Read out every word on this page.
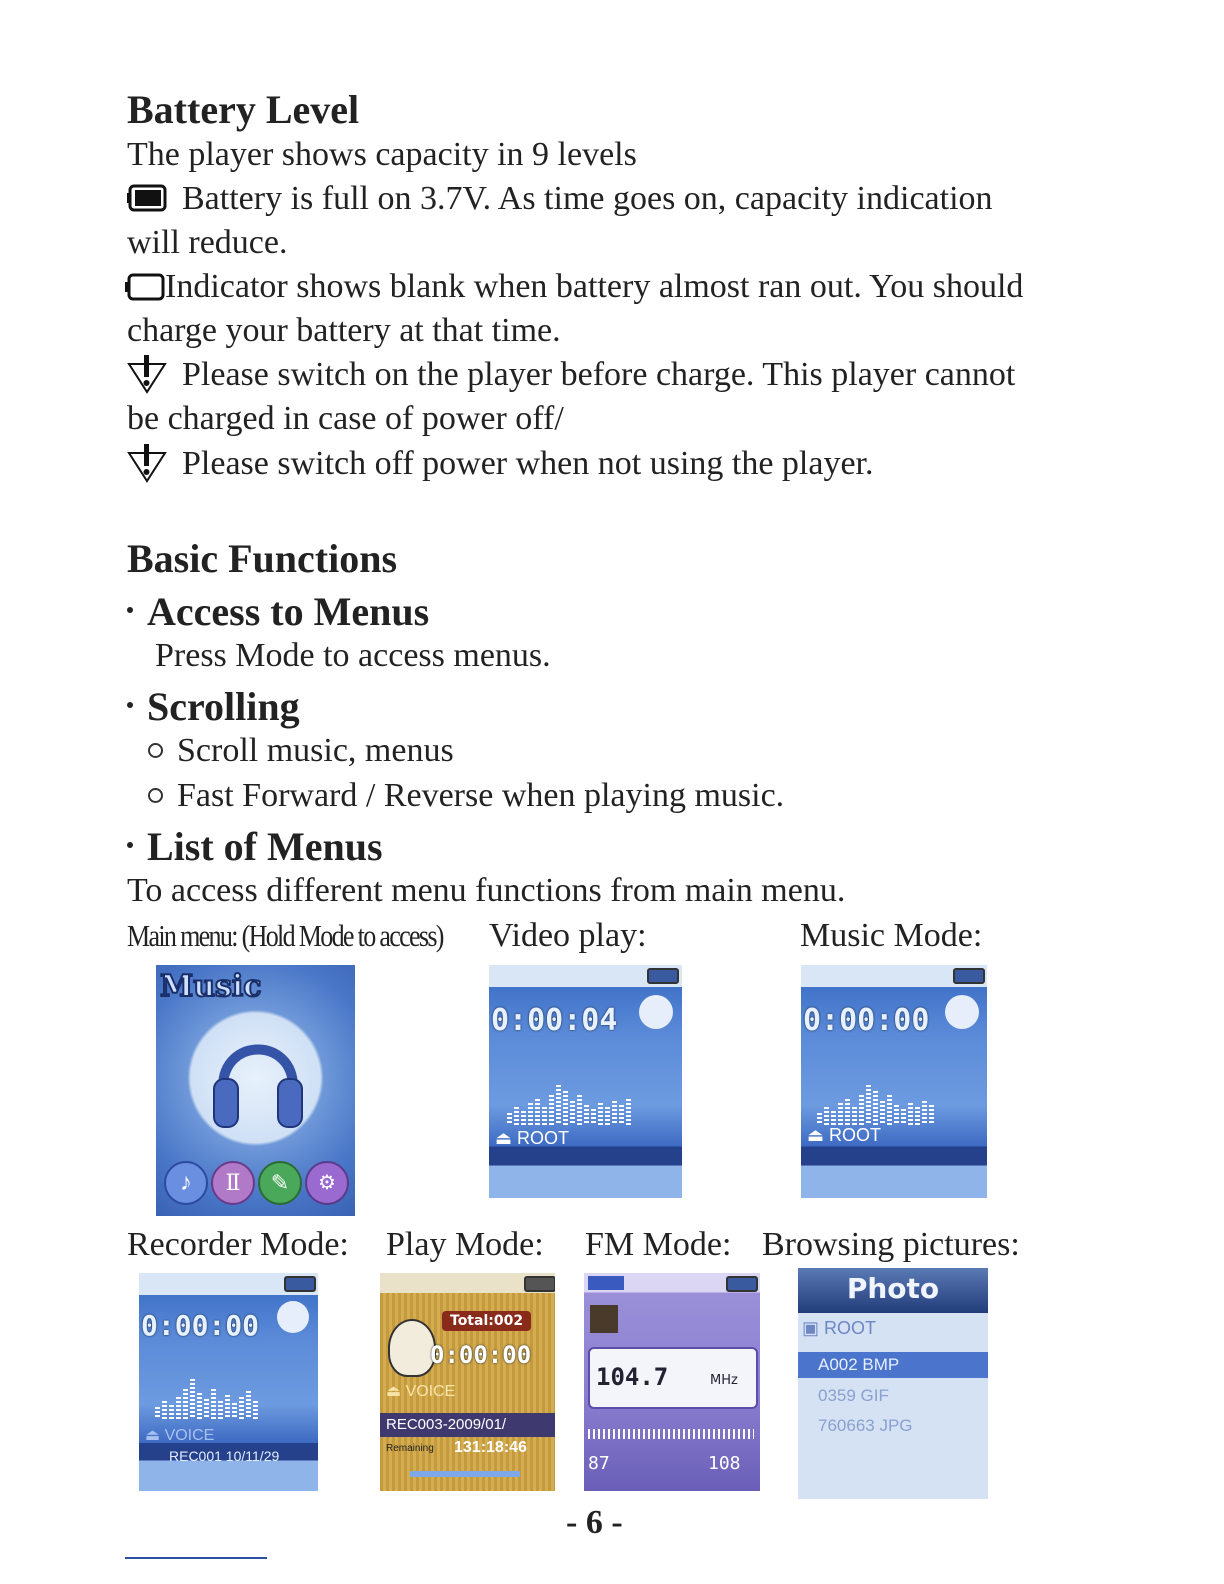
Battery Level
The player shows capacity in 9 levels
Battery is full on 3.7V. As time goes on, capacity indication
will reduce.
Indicator shows blank when battery almost ran out. You should
charge your battery at that time.
Please switch on the player before charge. This player cannot
be charged in case of power off/
Please switch off power when not using the player.
Basic Functions
Access to Menus
Press Mode to access menus.
Scrolling
Scroll music, menus
Fast Forward / Reverse when playing music.
List of Menus
To access different menu functions from main menu.
Main menu: (Hold Mode to access) Video play:	Music Mode:
Music
♪	Ⅱ	✎	⚙
0:00:04
⏏ ROOT
0:00:00
⏏ ROOT
Recorder Mode: Play Mode: FM Mode: Browsing pictures:
0:00:00
⏏ VOICE
REC001 10/11/29
Total:002
0:00:00
⏏ VOICE
REC003-2009/01/
Remaining 131:18:46
104.7	MHz
87	108
Photo
▣ ROOT
A002 BMP
0359 GIF
760663 JPG
- 6 -
